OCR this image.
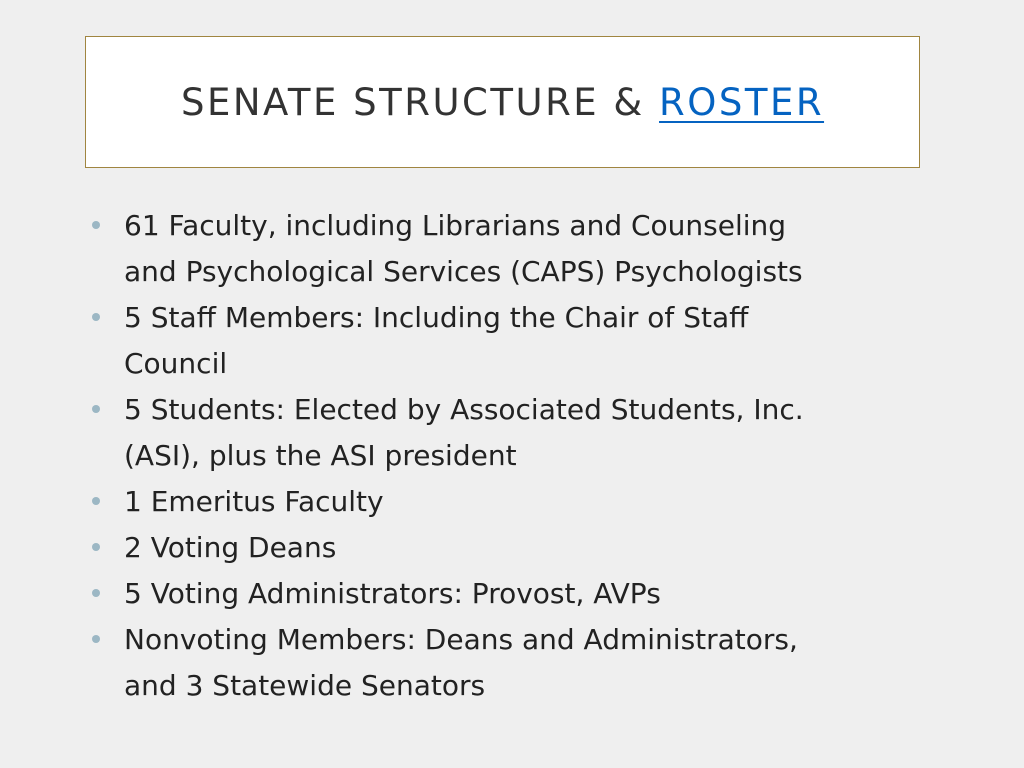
SENATE STRUCTURE & ROSTER
61 Faculty, including Librarians and Counseling
and Psychological Services (CAPS) Psychologists
5 Staff Members: Including the Chair of Staff
Council
5 Students: Elected by Associated Students, Inc.
(ASI), plus the ASI president
1 Emeritus Faculty
2 Voting Deans
5 Voting Administrators: Provost, AVPs
Nonvoting Members: Deans and Administrators,
and 3 Statewide Senators
